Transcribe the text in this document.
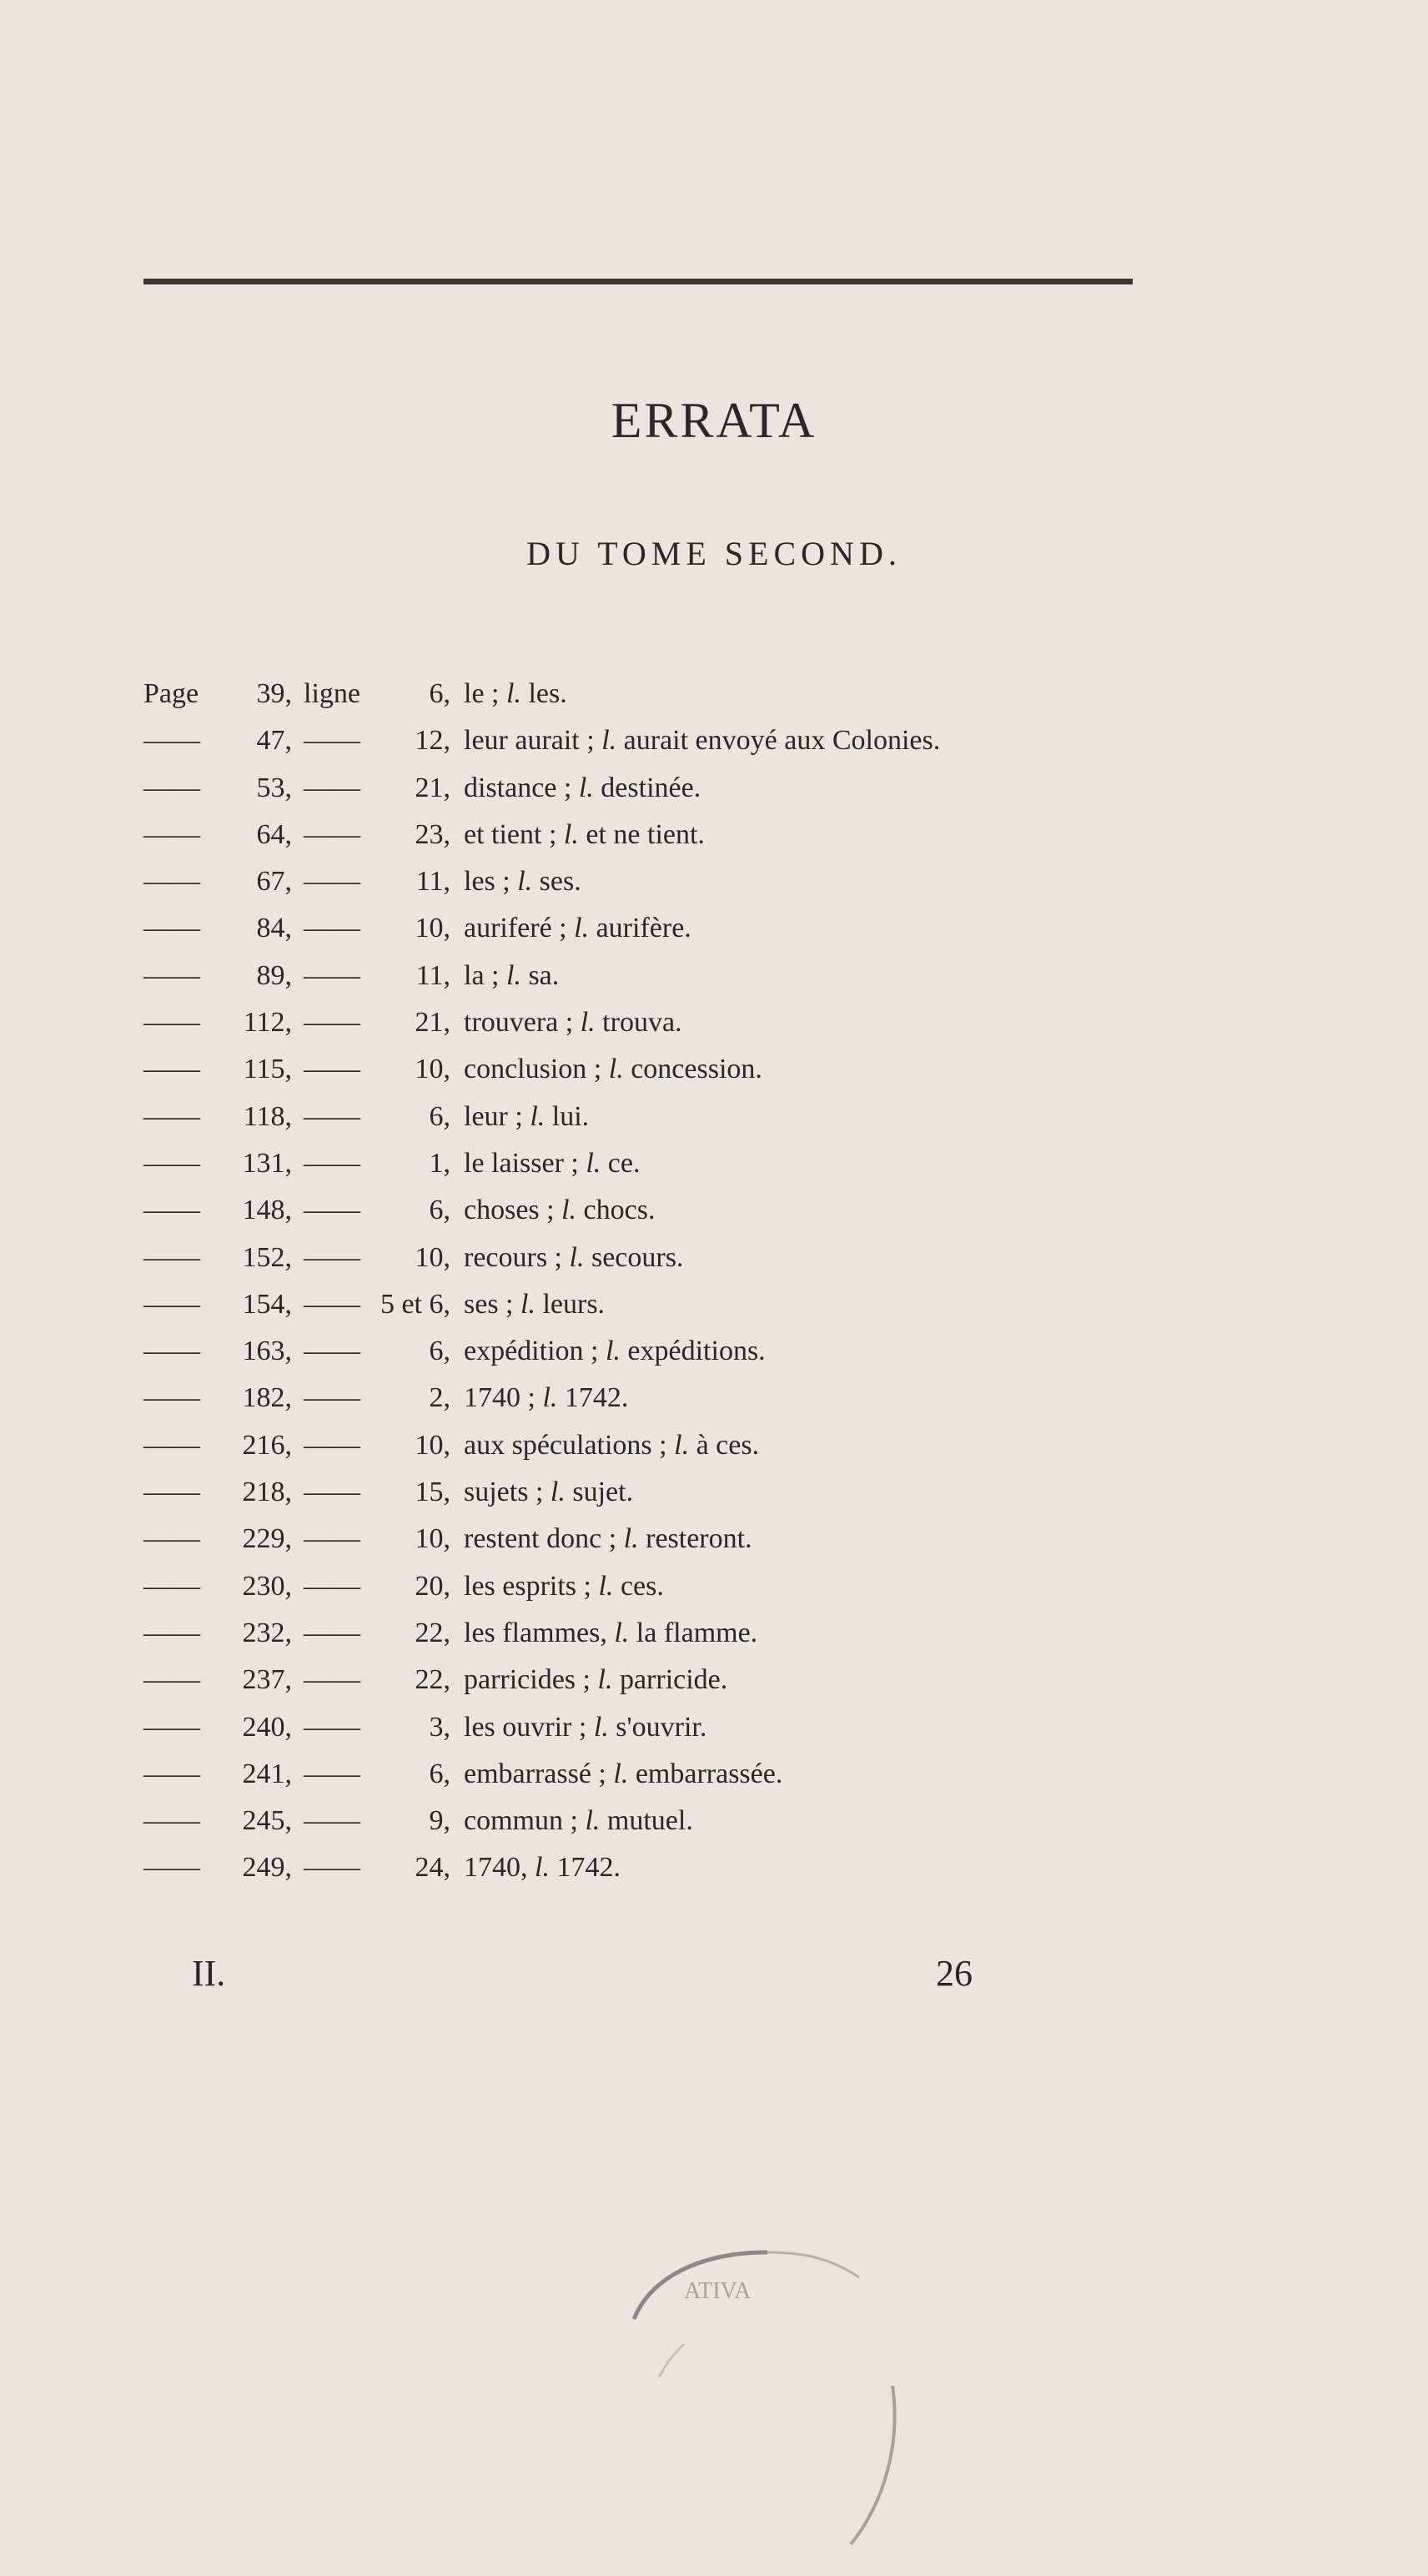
ERRATA
DU TOME SECOND.
Page	39, ligne	6, le ; l. les.
——	47, ——	12, leur aurait ; l. aurait envoyé aux Colonies.
——	53, ——	21, distance ; l. destinée.
——	64, ——	23, et tient ; l. et ne tient.
——	67, ——	11, les ; l. ses.
——	84, ——	10, auriferé ; l. aurifère.
——	89, ——	11, la ; l. sa.
——	112, ——	21, trouvera ; l. trouva.
——	115, ——	10, conclusion ; l. concession.
——	118, ——	6, leur ; l. lui.
——	131, ——	1, le laisser ; l. ce.
——	148, ——	6, choses ; l. chocs.
——	152, ——	10, recours ; l. secours.
——	154, —— 5 et 6, ses ; l. leurs.
——	163, ——	6, expédition ; l. expéditions.
——	182, ——	2, 1740 ; l. 1742.
——	216, ——	10, aux spéculations ; l. à ces.
——	218, ——	15, sujets ; l. sujet.
——	229, ——	10, restent donc ; l. resteront.
——	230, ——	20, les esprits ; l. ces.
——	232, ——	22, les flammes, l. la flamme.
——	237, ——	22, parricides ; l. parricide.
——	240, ——	3, les ouvrir ; l. s'ouvrir.
——	241, ——	6, embarrassé ; l. embarrassée.
——	245, ——	9, commun ; l. mutuel.
——	249, ——	24, 1740, l. 1742.
II.	26
ATIVA
